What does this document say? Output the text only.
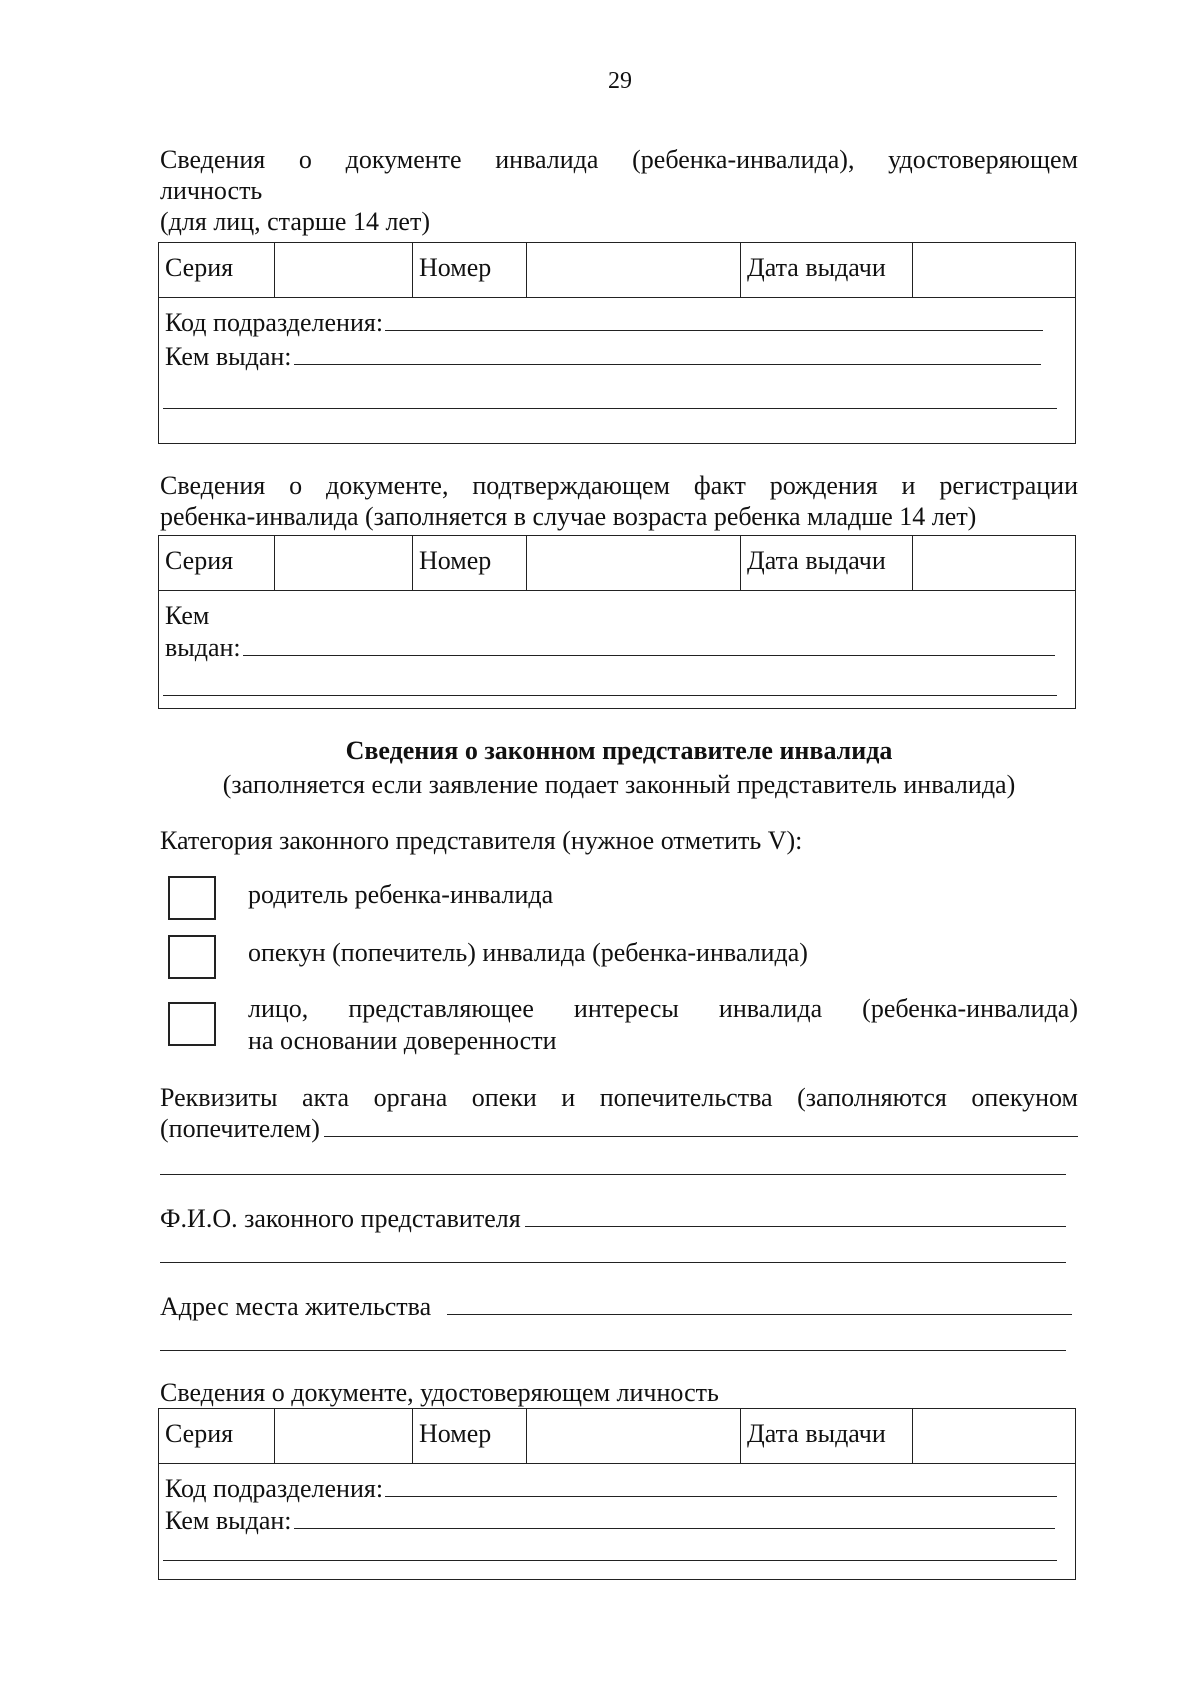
29
Сведения о документе инвалида (ребенка-инвалида), удостоверяющем
личность
(для лиц, старше 14 лет)
Серия	Номер	Дата выдачи
Код подразделения:
Кем выдан:
Сведения о документе, подтверждающем факт рождения и регистрации
ребенка-инвалида (заполняется в случае возраста ребенка младше 14 лет)
Серия	Номер	Дата выдачи
Кем
выдан:
Сведения о законном представителе инвалида
(заполняется если заявление подает законный представитель инвалида)
Категория законного представителя (нужное отметить V):
родитель ребенка-инвалида
опекун (попечитель) инвалида (ребенка-инвалида)
лицо, представляющее интересы инвалида (ребенка-инвалида)
на основании доверенности
Реквизиты акта органа опеки и попечительства (заполняются опекуном
(попечителем)
Ф.И.О. законного представителя
Адрес места жительства
Сведения о документе, удостоверяющем личность
Серия	Номер	Дата выдачи
Код подразделения:
Кем выдан:
